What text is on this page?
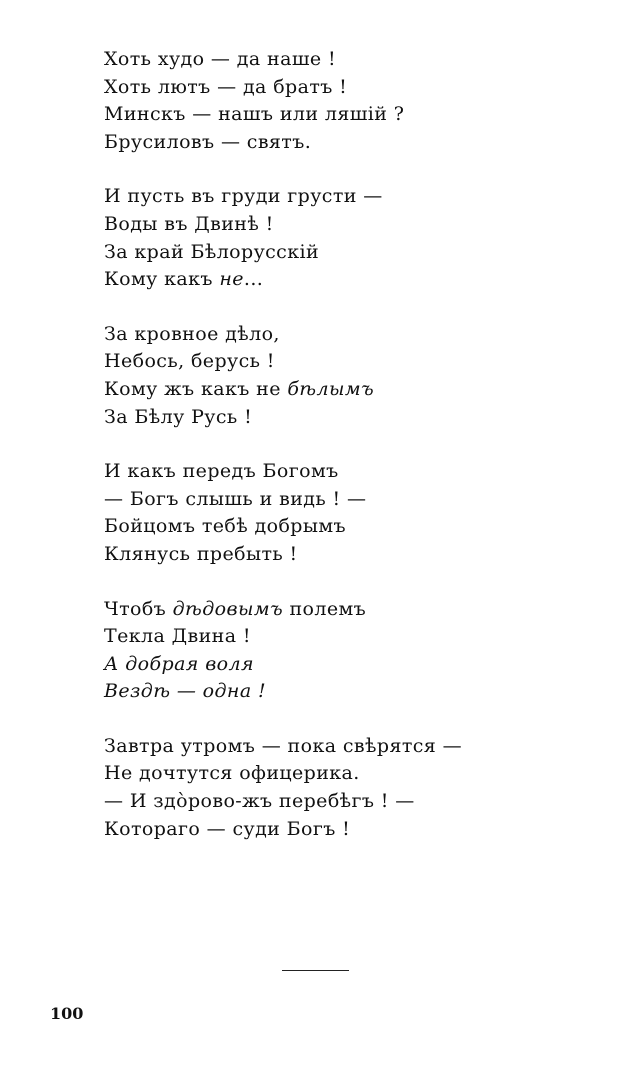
Хоть худо — да наше !
Хоть лютъ — да братъ !
Минскъ — нашъ или ляшій ?
Брусиловъ — святъ.
И пусть въ груди грусти —
Воды въ Двинѣ !
За край Бѣлорусскій
Кому какъ не...
За кровное дѣло,
Небось, берусь !
Кому жъ какъ не бѣлымъ
За Бѣлу Русь !
И какъ передъ Богомъ
— Богъ слышь и видь ! —
Бойцомъ тебѣ добрымъ
Клянусь пребыть !
Чтобъ дѣдовымъ полемъ
Текла Двина !
А добрая воля
Вездѣ — одна !
Завтра утромъ — пока свѣрятся —
Не дочтутся офицерика.
— И здо̀рово-жъ перебѣгъ ! —
Котораго — суди Богъ !
100
